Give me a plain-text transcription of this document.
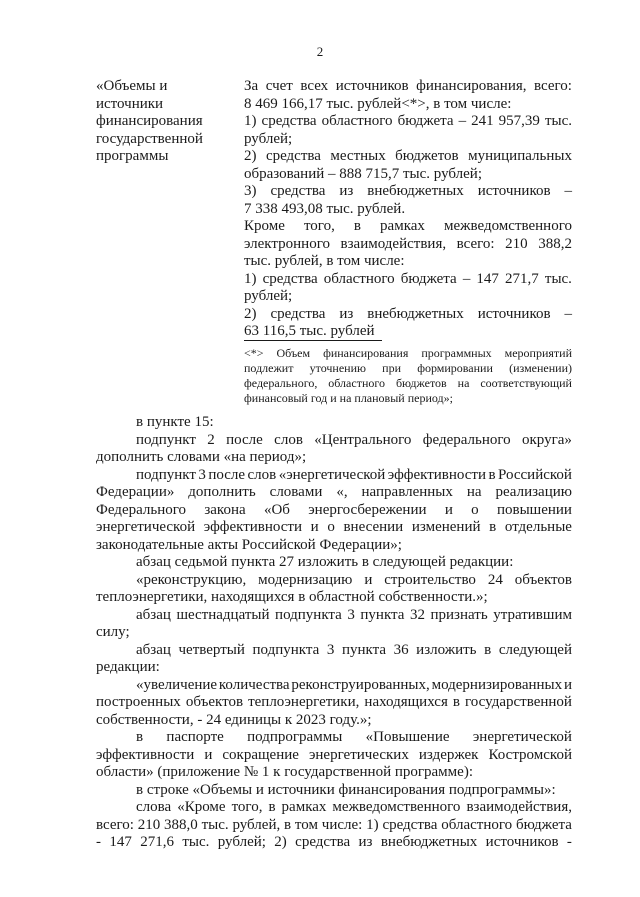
2
«Объемы и
источники
финансирования
государственной
программы
За счет всех источников финансирования, всего:
8 469 166,17 тыс. рублей<*>, в том числе:
1) средства областного бюджета – 241 957,39 тыс.
рублей;
2) средства местных бюджетов муниципальных
образований – 888 715,7 тыс. рублей;
3) средства из внебюджетных источников –
7 338 493,08 тыс. рублей.
Кроме того, в рамках межведомственного
электронного взаимодействия, всего: 210 388,2
тыс. рублей, в том числе:
1) средства областного бюджета – 147 271,7 тыс.
рублей;
2) средства из внебюджетных источников –
63 116,5 тыс. рублей
<*> Объем финансирования программных мероприятий
подлежит уточнению при формировании (изменении)
федерального, областного бюджетов на соответствующий
финансовый год и на плановый период»;
в пункте 15:
подпункт 2 после слов «Центрального федерального округа»
дополнить словами «на период»;
подпункт 3 после слов «энергетической эффективности в Российской
Федерации» дополнить словами «, направленных на реализацию
Федерального закона «Об энергосбережении и о повышении
энергетической эффективности и о внесении изменений в отдельные
законодательные акты Российской Федерации»;
абзац седьмой пункта 27 изложить в следующей редакции:
«реконструкцию, модернизацию и строительство 24 объектов
теплоэнергетики, находящихся в областной собственности.»;
абзац шестнадцатый подпункта 3 пункта 32 признать утратившим
силу;
абзац четвертый подпункта 3 пункта 36 изложить в следующей
редакции:
«увеличение количества реконструированных, модернизированных и
построенных объектов теплоэнергетики, находящихся в государственной
собственности, - 24 единицы к 2023 году.»;
в паспорте подпрограммы «Повышение энергетической
эффективности и сокращение энергетических издержек Костромской
области» (приложение № 1 к государственной программе):
в строке «Объемы и источники финансирования подпрограммы»:
слова «Кроме того, в рамках межведомственного взаимодействия,
всего: 210 388,0 тыс. рублей, в том числе: 1) средства областного бюджета
- 147 271,6 тыс. рублей; 2) средства из внебюджетных источников -
